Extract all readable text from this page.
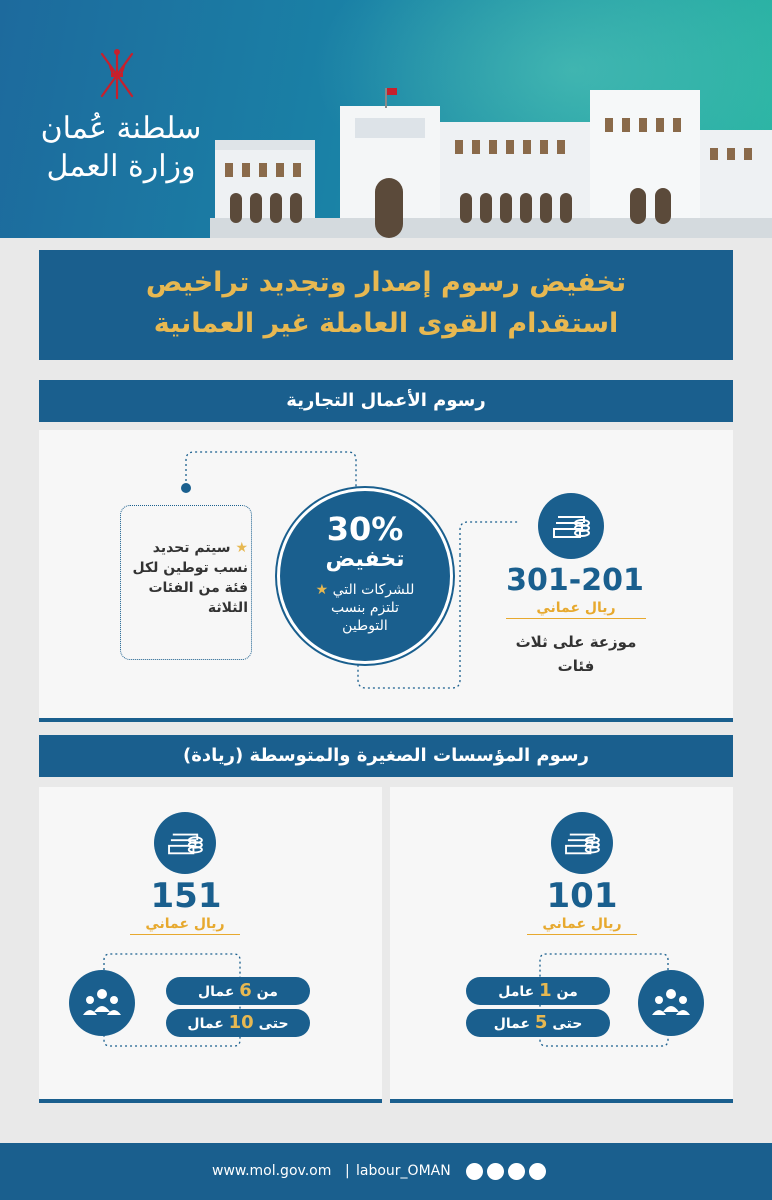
سلطنة عُمان
وزارة العمل
تخفيض رسوم إصدار وتجديد تراخيص
استقدام القوى العاملة غير العمانية
رسوم الأعمال التجارية
★ سيتم تحديد نسب توطين لكل فئة من الفئات الثلاثة
30%
تخفيض
★ للشركات التي تلتزم بنسب التوطين
301-201
ريال عماني
موزعة على ثلاث فئات
رسوم المؤسسات الصغيرة والمتوسطة (ريادة)
151
ريال عماني
من 6 عمال
حتى 10 عمال
101
ريال عماني
من 1 عامل
حتى 5 عمال
www.mol.gov.om | labour_OMAN
